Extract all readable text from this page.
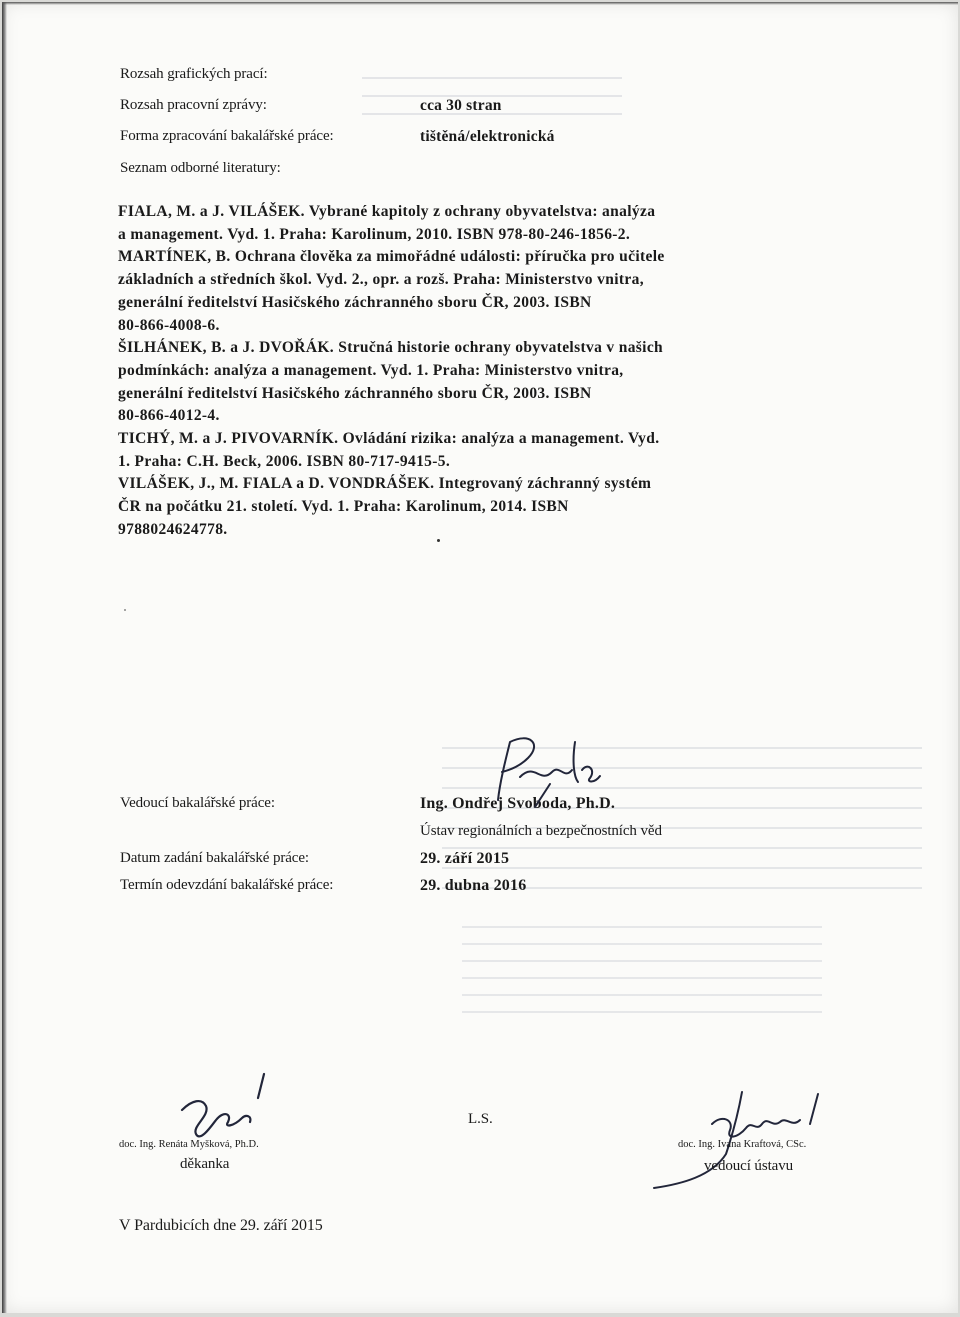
Rozsah grafických prací:
Rozsah pracovní zprávy:	cca 30 stran
Forma zpracování bakalářské práce:	tištěná/elektronická
Seznam odborné literatury:
FIALA, M. a J. VILÁŠEK. Vybrané kapitoly z ochrany obyvatelstva: analýza
a management. Vyd. 1. Praha: Karolinum, 2010. ISBN 978-80-246-1856-2.
MARTÍNEK, B. Ochrana člověka za mimořádné události: příručka pro učitele
základních a středních škol. Vyd. 2., opr. a rozš. Praha: Ministerstvo vnitra,
generální ředitelství Hasičského záchranného sboru ČR, 2003. ISBN
80-866-4008-6.
ŠILHÁNEK, B. a J. DVOŘÁK. Stručná historie ochrany obyvatelstva v našich
podmínkách: analýza a management. Vyd. 1. Praha: Ministerstvo vnitra,
generální ředitelství Hasičského záchranného sboru ČR, 2003. ISBN
80-866-4012-4.
TICHÝ, M. a J. PIVOVARNÍK. Ovládání rizika: analýza a management. Vyd.
1. Praha: C.H. Beck, 2006. ISBN 80-717-9415-5.
VILÁŠEK, J., M. FIALA a D. VONDRÁŠEK. Integrovaný záchranný systém
ČR na počátku 21. století. Vyd. 1. Praha: Karolinum, 2014. ISBN
9788024624778.
Vedoucí bakalářské práce:	Ing. Ondřej Svoboda, Ph.D.
Ústav regionálních a bezpečnostních věd
Datum zadání bakalářské práce:	29. září 2015
Termín odevzdání bakalářské práce:	29. dubna 2016
doc. Ing. Renáta Myšková, Ph.D.
děkanka
L.S.
doc. Ing. Ivana Kraftová, CSc.
vedoucí ústavu
V Pardubicích dne 29. září 2015
